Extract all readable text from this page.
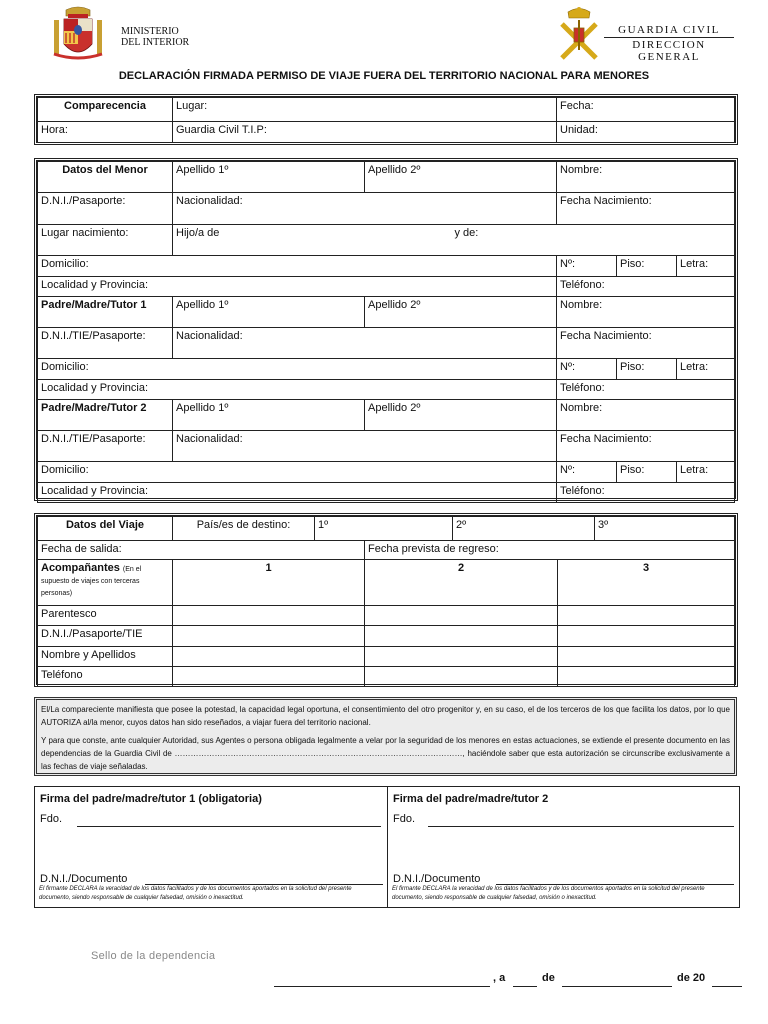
MINISTERIO
DEL INTERIOR
GUARDIA CIVIL
DIRECCION GENERAL
DECLARACIÓN FIRMADA PERMISO DE VIAJE FUERA DEL TERRITORIO NACIONAL PARA MENORES
Comparecencia	Lugar:	Fecha:
Hora:	Guardia Civil T.I.P:	Unidad:
Datos del Menor	Apellido 1º	Apellido 2º	Nombre:		
D.N.I./Pasaporte:	Nacionalidad:		Fecha Nacimiento:		
Lugar nacimiento:	Hijo/a de y de:				
Domicilio:			Nº:	Piso:	Letra:
Localidad y Provincia:			Teléfono:		
Padre/Madre/Tutor 1	Apellido 1º	Apellido 2º	Nombre:		
D.N.I./TIE/Pasaporte:	Nacionalidad:		Fecha Nacimiento:		
Domicilio:			Nº:	Piso:	Letra:
Localidad y Provincia:			Teléfono:		
Padre/Madre/Tutor 2	Apellido 1º	Apellido 2º	Nombre:		
D.N.I./TIE/Pasaporte:	Nacionalidad:		Fecha Nacimiento:		
Domicilio:			Nº:	Piso:	Letra:
Localidad y Provincia:			Teléfono:		
Datos del Viaje	País/es de destino:	1º		2º		3º
Fecha de salida:			Fecha prevista de regreso:			
Acompañantes (En el supuesto de viajes con terceras personas)	1		2		3	
Parentesco						
D.N.I./Pasaporte/TIE						
Nombre y Apellidos						
Teléfono						

El/La compareciente manifiesta que posee la potestad, la capacidad legal oportuna, el consentimiento del otro progenitor y, en su caso, el de los terceros de los que facilita los datos, por lo que AUTORIZA al/la menor, cuyos datos han sido reseñados, a viajar fuera del territorio nacional.

Y para que conste, ante cualquier Autoridad, sus Agentes o persona obligada legalmente a velar por la seguridad de los menores en estas actuaciones, se extiende el presente documento en las dependencias de la Guardia Civil de ………………………………………………………………………………………………, haciéndole saber que esta autorización se circunscribe exclusivamente a las fechas de viaje señaladas.

Firma del padre/madre/tutor 1 (obligatoria)
Fdo.
D.N.I./Documento
El firmante DECLARA la veracidad de los datos facilitados y de los documentos aportados en la solicitud del presente documento, siendo responsable de cualquier falsedad, omisión o inexactitud.
Firma del padre/madre/tutor 2
Fdo.
D.N.I./Documento
El firmante DECLARA la veracidad de los datos facilitados y de los documentos aportados en la solicitud del presente documento, siendo responsable de cualquier falsedad, omisión o inexactitud.
Sello de la dependencia
, a	de	de 20
